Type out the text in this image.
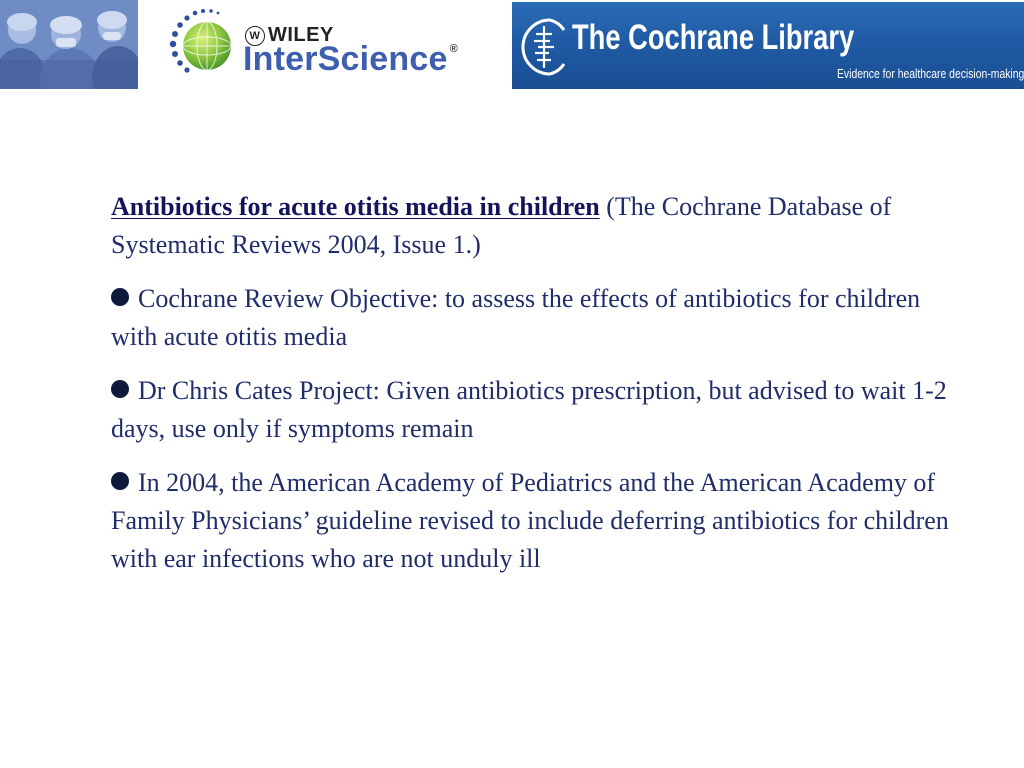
W WILEY
InterScience ®	The Cochrane Library
Evidence for healthcare decision-making

Antibiotics for acute otitis media in children (The Cochrane Database of Systematic Reviews 2004, Issue 1.)

Cochrane Review Objective: to assess the effects of antibiotics for children with acute otitis media

Dr Chris Cates Project: Given antibiotics prescription, but advised to wait 1-2 days, use only if symptoms remain

In 2004, the American Academy of Pediatrics and the American Academy of Family Physicians’ guideline revised to include deferring antibiotics for children with ear infections who are not unduly ill
